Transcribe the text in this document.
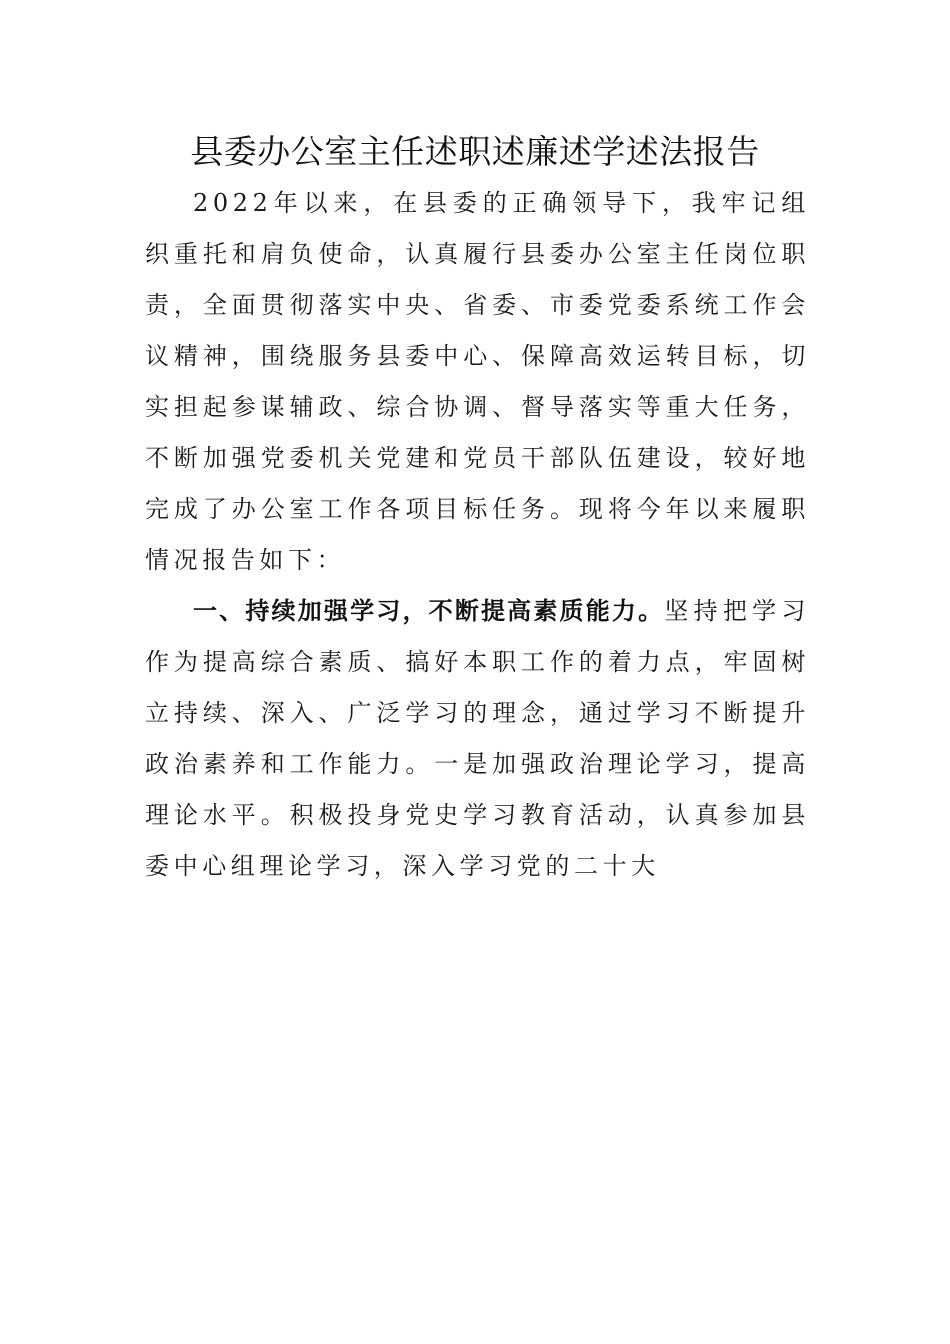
县委办公室主任述职述廉述学述法报告

2022年以来，在县委的正确领导下，我牢记组织重托和肩负使命，认真履行县委办公室主任岗位职责，全面贯彻落实中央、省委、市委党委系统工作会议精神，围绕服务县委中心、保障高效运转目标，切实担起参谋辅政、综合协调、督导落实等重大任务，不断加强党委机关党建和党员干部队伍建设，较好地完成了办公室工作各项目标任务。现将今年以来履职情况报告如下：

一、持续加强学习，不断提高素质能力。坚持把学习作为提高综合素质、搞好本职工作的着力点，牢固树立持续、深入、广泛学习的理念，通过学习不断提升政治素养和工作能力。一是加强政治理论学习，提高理论水平。积极投身党史学习教育活动，认真参加县委中心组理论学习，深入学习党的二十大
